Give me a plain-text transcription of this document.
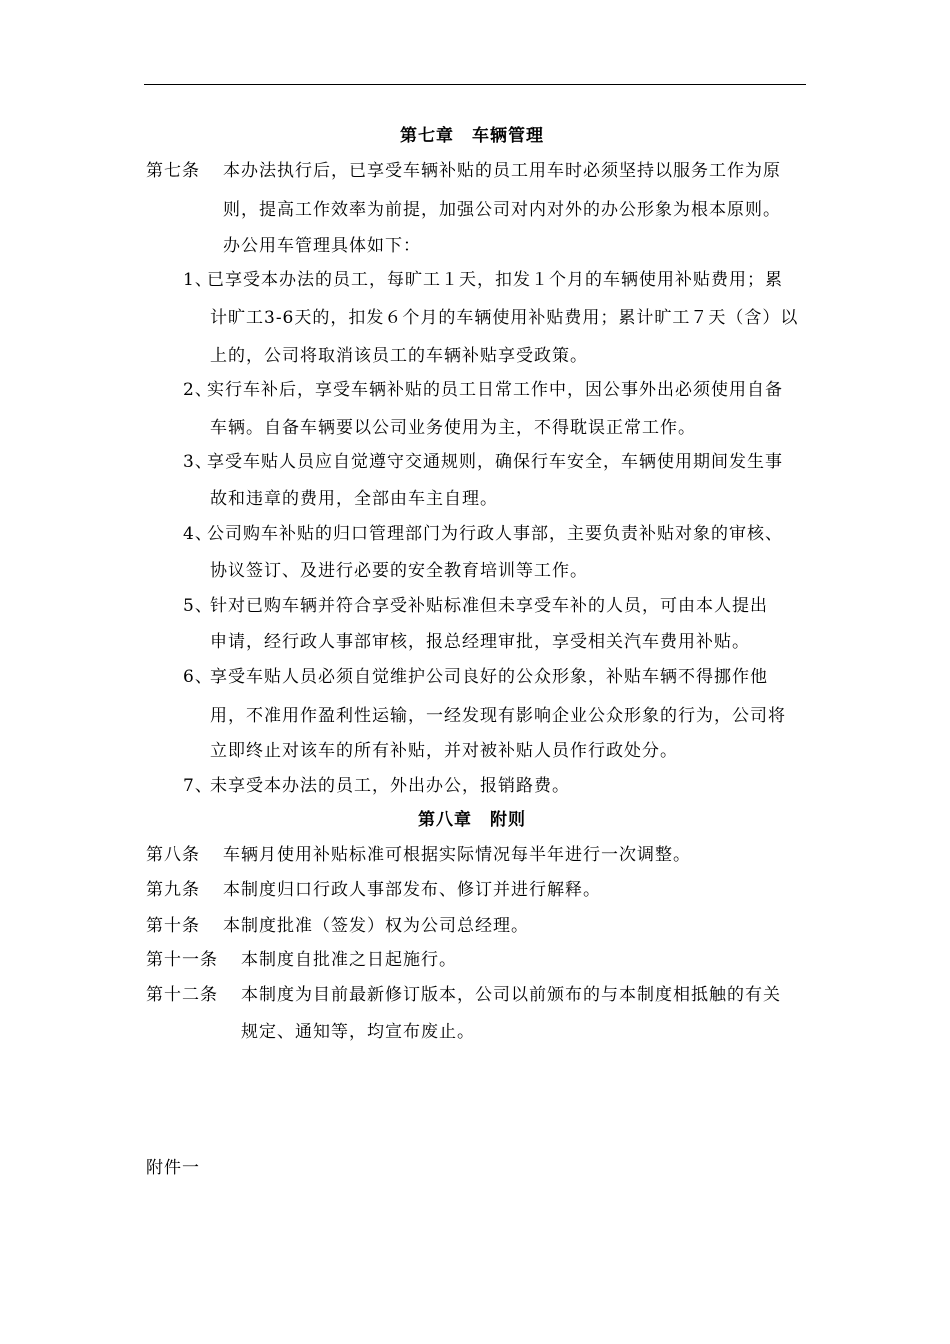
第七章　车辆管理
第七条 本办法执行后，已享受车辆补贴的员工用车时必须坚持以服务工作为原
则，提高工作效率为前提，加强公司对内对外的办公形象为根本原则。
办公用车管理具体如下：
1、
已享受本办法的员工，每旷工１天，扣发１个月的车辆使用补贴费用；累
计旷工3-6天的，扣发６个月的车辆使用补贴费用；累计旷工７天（含）以
上的，公司将取消该员工的车辆补贴享受政策。
2、
实行车补后，享受车辆补贴的员工日常工作中，因公事外出必须使用自备
车辆。自备车辆要以公司业务使用为主，不得耽误正常工作。
3、
享受车贴人员应自觉遵守交通规则，确保行车安全，车辆使用期间发生事
故和违章的费用，全部由车主自理。
4、
公司购车补贴的归口管理部门为行政人事部，主要负责补贴对象的审核、
协议签订、及进行必要的安全教育培训等工作。
5、
针对已购车辆并符合享受补贴标准但未享受车补的人员，可由本人提出
申请，经行政人事部审核，报总经理审批，享受相关汽车费用补贴。
6、
享受车贴人员必须自觉维护公司良好的公众形象，补贴车辆不得挪作他
用，不准用作盈利性运输，一经发现有影响企业公众形象的行为，公司将
立即终止对该车的所有补贴，并对被补贴人员作行政处分。
7、
未享受本办法的员工，外出办公，报销路费。
第八章　附则
第八条 车辆月使用补贴标准可根据实际情况每半年进行一次调整。
第九条 本制度归口行政人事部发布、修订并进行解释。
第十条 本制度批准（签发）权为公司总经理。
第十一条 本制度自批准之日起施行。
第十二条 本制度为目前最新修订版本，公司以前颁布的与本制度相抵触的有关
规定、通知等，均宣布废止。
附件一
